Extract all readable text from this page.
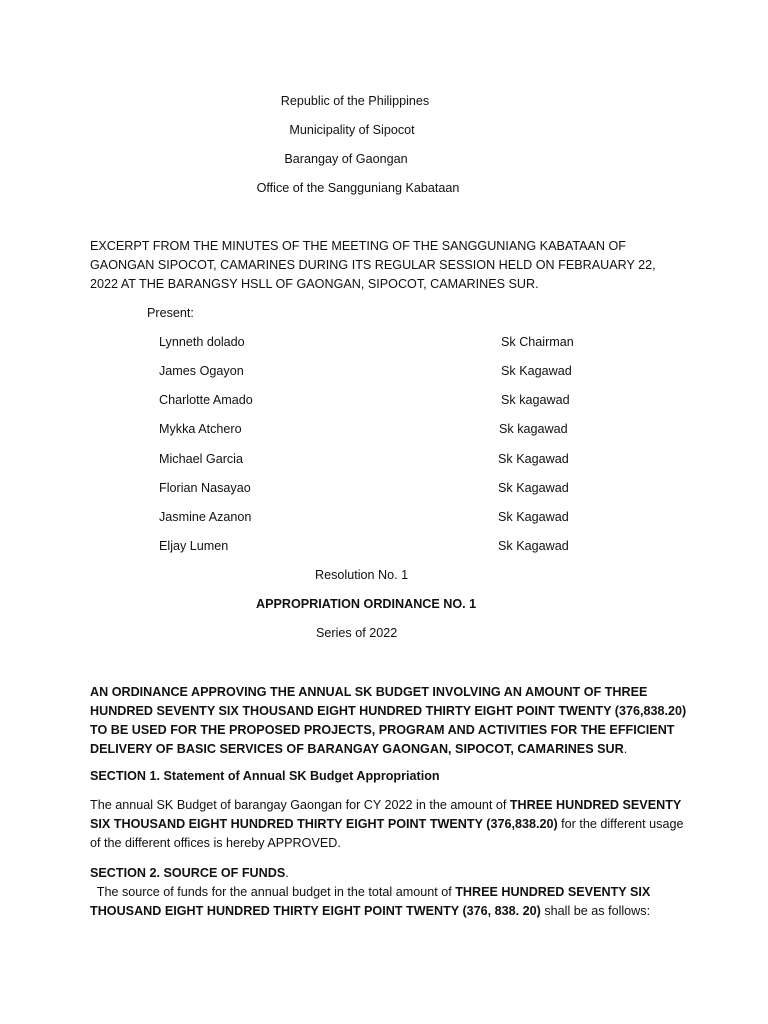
Republic of the Philippines
Municipality of Sipocot
Barangay of Gaongan
Office of the Sangguniang Kabataan
EXCERPT FROM THE MINUTES OF THE MEETING OF THE SANGGUNIANG KABATAAN OF GAONGAN SIPOCOT, CAMARINES DURING ITS REGULAR SESSION HELD ON FEBRAUARY 22, 2022 AT THE BARANGSY HSLL OF GAONGAN, SIPOCOT, CAMARINES SUR.
Present:
Lynneth dolado	Sk Chairman
James Ogayon	Sk Kagawad
Charlotte Amado	Sk kagawad
Mykka Atchero	Sk kagawad
Michael Garcia	Sk Kagawad
Florian Nasayao	Sk Kagawad
Jasmine Azanon	Sk Kagawad
Eljay Lumen	Sk Kagawad
Resolution No. 1
APPROPRIATION ORDINANCE NO. 1
Series of 2022
AN ORDINANCE APPROVING THE ANNUAL SK BUDGET INVOLVING AN AMOUNT OF THREE HUNDRED SEVENTY SIX THOUSAND EIGHT HUNDRED THIRTY EIGHT POINT TWENTY (376,838.20) TO BE USED FOR THE PROPOSED PROJECTS, PROGRAM AND ACTIVITIES FOR THE EFFICIENT DELIVERY OF BASIC SERVICES OF BARANGAY GAONGAN, SIPOCOT, CAMARINES SUR.
SECTION 1. Statement of Annual SK Budget Appropriation
The annual SK Budget of barangay Gaongan for CY 2022 in the amount of THREE HUNDRED SEVENTY SIX THOUSAND EIGHT HUNDRED THIRTY EIGHT POINT TWENTY (376,838.20) for the different usage of the different offices is hereby APPROVED.
SECTION 2. SOURCE OF FUNDS.  The source of funds for the annual budget in the total amount of THREE HUNDRED SEVENTY SIX THOUSAND EIGHT HUNDRED THIRTY EIGHT POINT TWENTY (376, 838. 20) shall be as follows:
